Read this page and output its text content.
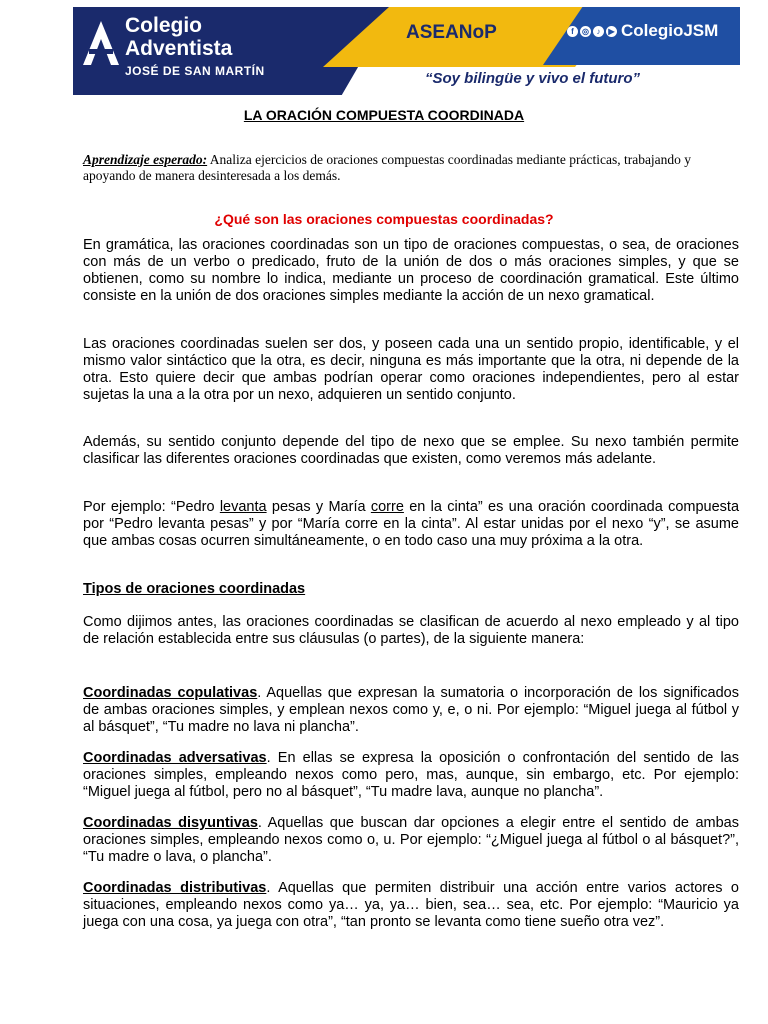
Colegio
Adventista
JOSÉ DE SAN MARTÍN
ASEANoP	f	◎ ♪ ▶ ColegioJSM
“Soy bilingüe y vivo el futuro”
LA ORACIÓN COMPUESTA COORDINADA
Aprendizaje esperado: Analiza ejercicios de oraciones compuestas coordinadas mediante prácticas, trabajando y apoyando de manera desinteresada a los demás.
¿Qué son las oraciones compuestas coordinadas?

En gramática, las oraciones coordinadas son un tipo de oraciones compuestas, o sea, de oraciones con más de un verbo o predicado, fruto de la unión de dos o más oraciones simples, y que se obtienen, como su nombre lo indica, mediante un proceso de coordinación gramatical. Este último consiste en la unión de dos oraciones simples mediante la acción de un nexo gramatical.

Las oraciones coordinadas suelen ser dos, y poseen cada una un sentido propio, identificable, y el mismo valor sintáctico que la otra, es decir, ninguna es más importante que la otra, ni depende de la otra. Esto quiere decir que ambas podrían operar como oraciones independientes, pero al estar sujetas la una a la otra por un nexo, adquieren un sentido conjunto.

Además, su sentido conjunto depende del tipo de nexo que se emplee. Su nexo también permite clasificar las diferentes oraciones coordinadas que existen, como veremos más adelante.

Por ejemplo: “Pedro levanta pesas y María corre en la cinta” es una oración coordinada compuesta por “Pedro levanta pesas” y por “María corre en la cinta”. Al estar unidas por el nexo “y”, se asume que ambas cosas ocurren simultáneamente, o en todo caso una muy próxima a la otra.

Tipos de oraciones coordinadas

Como dijimos antes, las oraciones coordinadas se clasifican de acuerdo al nexo empleado y al tipo de relación establecida entre sus cláusulas (o partes), de la siguiente manera:

Coordinadas copulativas. Aquellas que expresan la sumatoria o incorporación de los significados de ambas oraciones simples, y emplean nexos como y, e, o ni. Por ejemplo: “Miguel juega al fútbol y al básquet”, “Tu madre no lava ni plancha”.

Coordinadas adversativas. En ellas se expresa la oposición o confrontación del sentido de las oraciones simples, empleando nexos como pero, mas, aunque, sin embargo, etc. Por ejemplo: “Miguel juega al fútbol, pero no al básquet”, “Tu madre lava, aunque no plancha”.

Coordinadas disyuntivas. Aquellas que buscan dar opciones a elegir entre el sentido de ambas oraciones simples, empleando nexos como o, u. Por ejemplo: “¿Miguel juega al fútbol o al básquet?”, “Tu madre o lava, o plancha”.

Coordinadas distributivas. Aquellas que permiten distribuir una acción entre varios actores o situaciones, empleando nexos como ya… ya, ya… bien, sea… sea, etc. Por ejemplo: “Mauricio ya juega con una cosa, ya juega con otra”, “tan pronto se levanta como tiene sueño otra vez”.
